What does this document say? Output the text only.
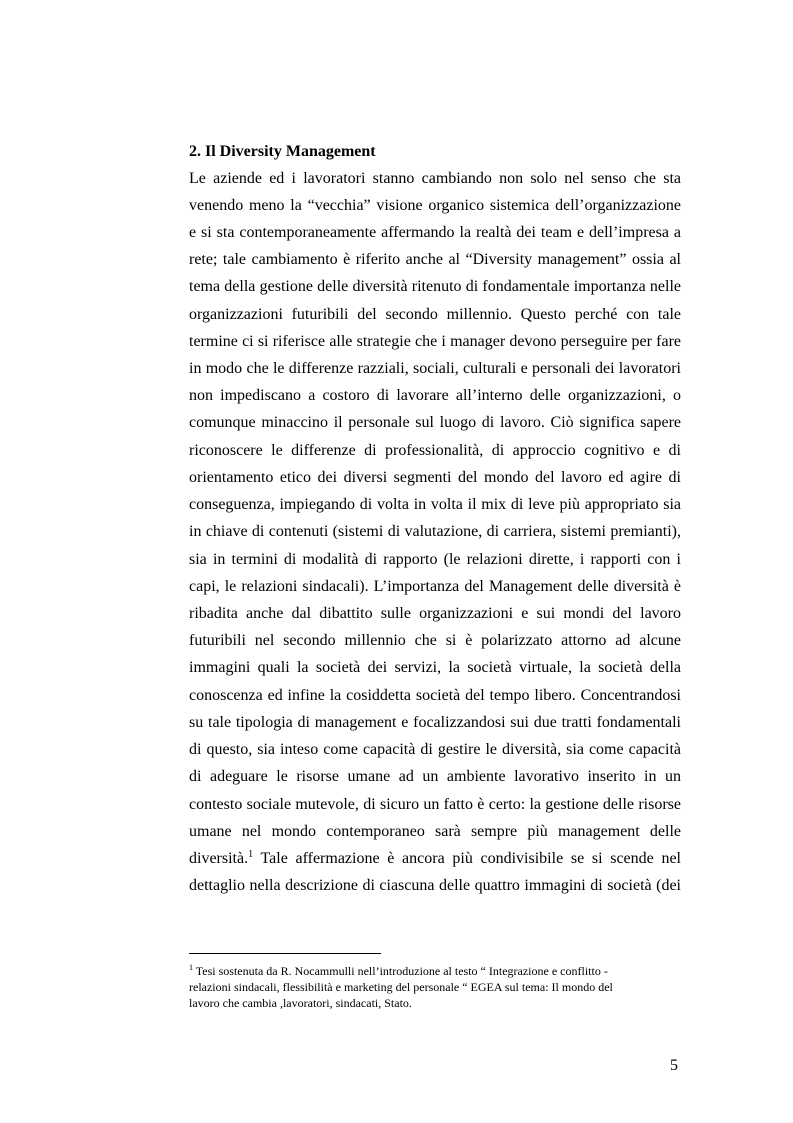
2. Il Diversity Management
Le aziende ed i lavoratori stanno cambiando non solo nel senso che sta
venendo meno la “vecchia” visione organico sistemica dell’organizzazione
e si sta contemporaneamente affermando la realtà dei team e dell’impresa a
rete; tale cambiamento è riferito anche al “Diversity management” ossia al
tema della gestione delle diversità ritenuto di fondamentale importanza nelle
organizzazioni futuribili del secondo millennio. Questo perché con tale
termine ci si riferisce alle strategie che i manager devono perseguire per fare
in modo che le differenze razziali, sociali, culturali e personali dei lavoratori
non impediscano a costoro di lavorare all’interno delle organizzazioni, o
comunque minaccino il personale sul luogo di lavoro. Ciò significa sapere
riconoscere le differenze di professionalità, di approccio cognitivo e di
orientamento etico dei diversi segmenti del mondo del lavoro ed agire di
conseguenza, impiegando di volta in volta il mix di leve più appropriato sia
in chiave di contenuti (sistemi di valutazione, di carriera, sistemi premianti),
sia in termini di modalità di rapporto (le relazioni dirette, i rapporti con i
capi, le relazioni sindacali). L’importanza del Management delle diversità è
ribadita anche dal dibattito sulle organizzazioni e sui mondi del lavoro
futuribili nel secondo millennio che si è polarizzato attorno ad alcune
immagini quali la società dei servizi, la società virtuale, la società della
conoscenza ed infine la cosiddetta società del tempo libero. Concentrandosi
su tale tipologia di management e focalizzandosi sui due tratti fondamentali
di questo, sia inteso come capacità di gestire le diversità, sia come capacità
di adeguare le risorse umane ad un ambiente lavorativo inserito in un
contesto sociale mutevole, di sicuro un fatto è certo: la gestione delle risorse
umane nel mondo contemporaneo sarà sempre più management delle
diversità.$^1$ Tale affermazione è ancora più condivisibile se si scende nel
dettaglio nella descrizione di ciascuna delle quattro immagini di società (dei
$^1$ Tesi sostenuta da R. Nocammulli nell’introduzione al testo “ Integrazione e conflitto -
relazioni sindacali, flessibilità e marketing del personale “ EGEA sul tema: Il mondo del
lavoro che cambia ,lavoratori, sindacati, Stato.
5
